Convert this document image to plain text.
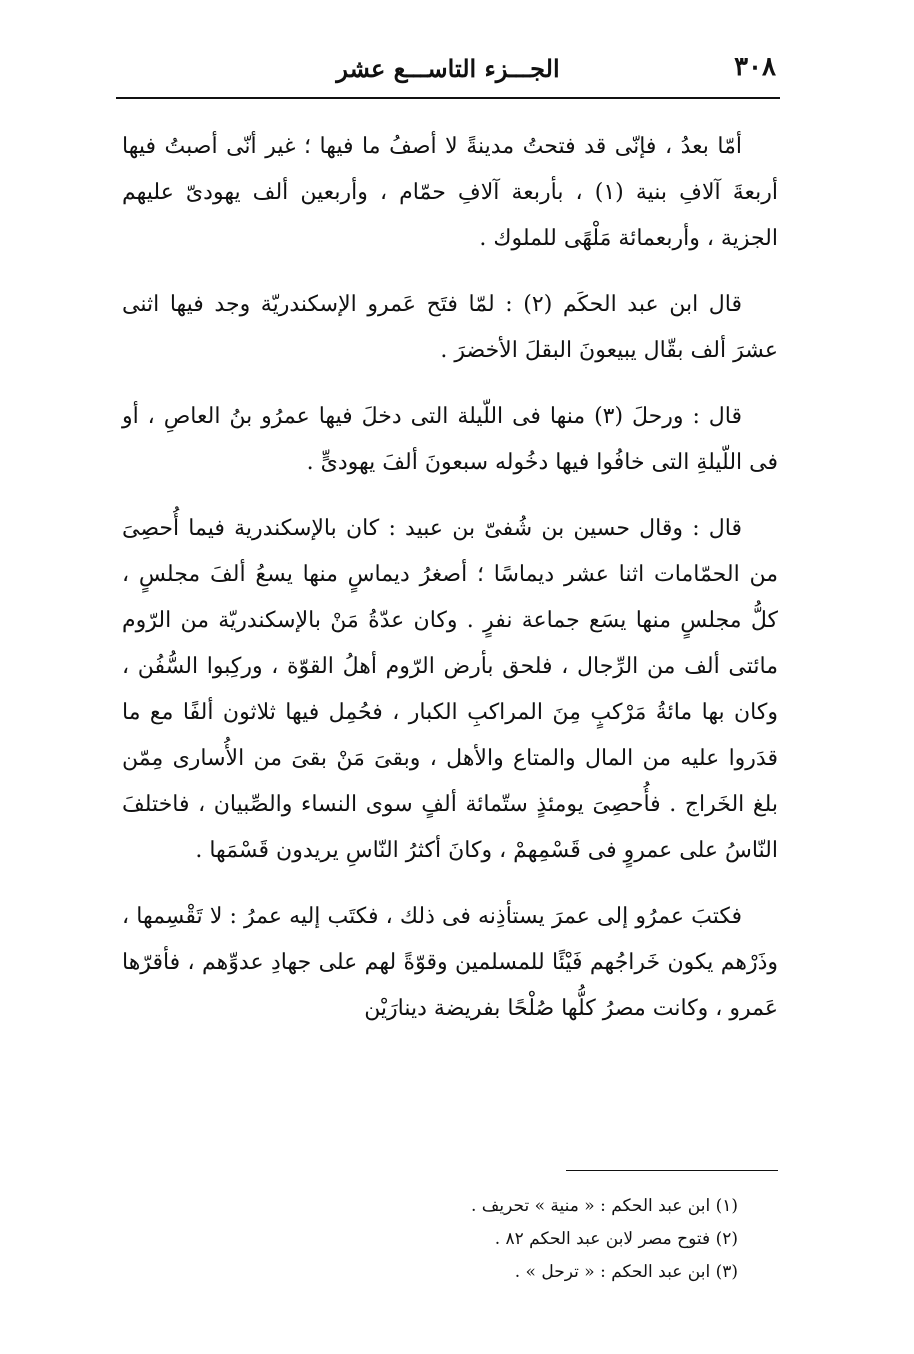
٣٠٨
الجـــزء التاســـع عشر

أمّا بعدُ ، فإنّى قد فتحتُ مدينةً لا أصفُ ما فيها ؛ غير أنّى أصبتُ فيها أربعةَ آلافِ بنية (١) ، بأربعة آلافِ حمّام ، وأربعين ألف يهودىّ عليهم الجزية ، وأربعمائة مَلْهًى للملوك .

قال ابن عبد الحكَم (٢) : لمّا فتَح عَمرو الإسكندريّة وجد فيها اثنى عشرَ ألف بقّال يبيعونَ البقلَ الأخضرَ .

قال : ورحلَ (٣) منها فى اللّيلة التى دخلَ فيها عمرُو بنُ العاصِ ، أو فى اللّيلةِ التى خافُوا فيها دخُوله سبعونَ ألفَ يهودىٍّ .

قال : وقال حسين بن شُفىّ بن عبيد : كان بالإسكندرية فيما أُحصِىَ من الحمّامات اثنا عشر ديماسًا ؛ أصغرُ ديماسٍ منها يسعُ ألفَ مجلسٍ ، كلُّ مجلسٍ منها يسَع جماعة نفرٍ . وكان عدّةُ مَنْ بالإسكندريّة من الرّوم مائتى ألف من الرِّجال ، فلحق بأرض الرّوم أهلُ القوّة ، وركِبوا السُّفُن ، وكان بها مائةُ مَرْكبٍ مِنَ المراكبِ الكبار ، فحُمِل فيها ثلاثون ألفًا مع ما قدَروا عليه من المال والمتاع والأهل ، وبقىَ مَنْ بقىَ من الأُسارى مِمّن بلغ الخَراج . فأُحصِىَ يومئذٍ ستّمائة ألفٍ سوى النساء والصِّبيان ، فاختلفَ النّاسُ على عمروٍ فى قَسْمِهمْ ، وكانَ أكثرُ النّاسِ يريدون قَسْمَها .

فكتبَ عمرُو إلى عمرَ يستأذِنه فى ذلك ، فكتَب إليه عمرُ : لا تَقْسِمها ، وذَرْهم يكون خَراجُهم فَيْئًا للمسلمين وقوّةً لهم على جهادِ عدوِّهم ، فأقرّها عَمرو ، وكانت مصرُ كلُّها صُلْحًا بفريضة دينارَيْن

(١) ابن عبد الحكم : « منية » تحريف .
(٢) فتوح مصر لابن عبد الحكم ٨٢ .
(٣) ابن عبد الحكم : « ترحل » .
